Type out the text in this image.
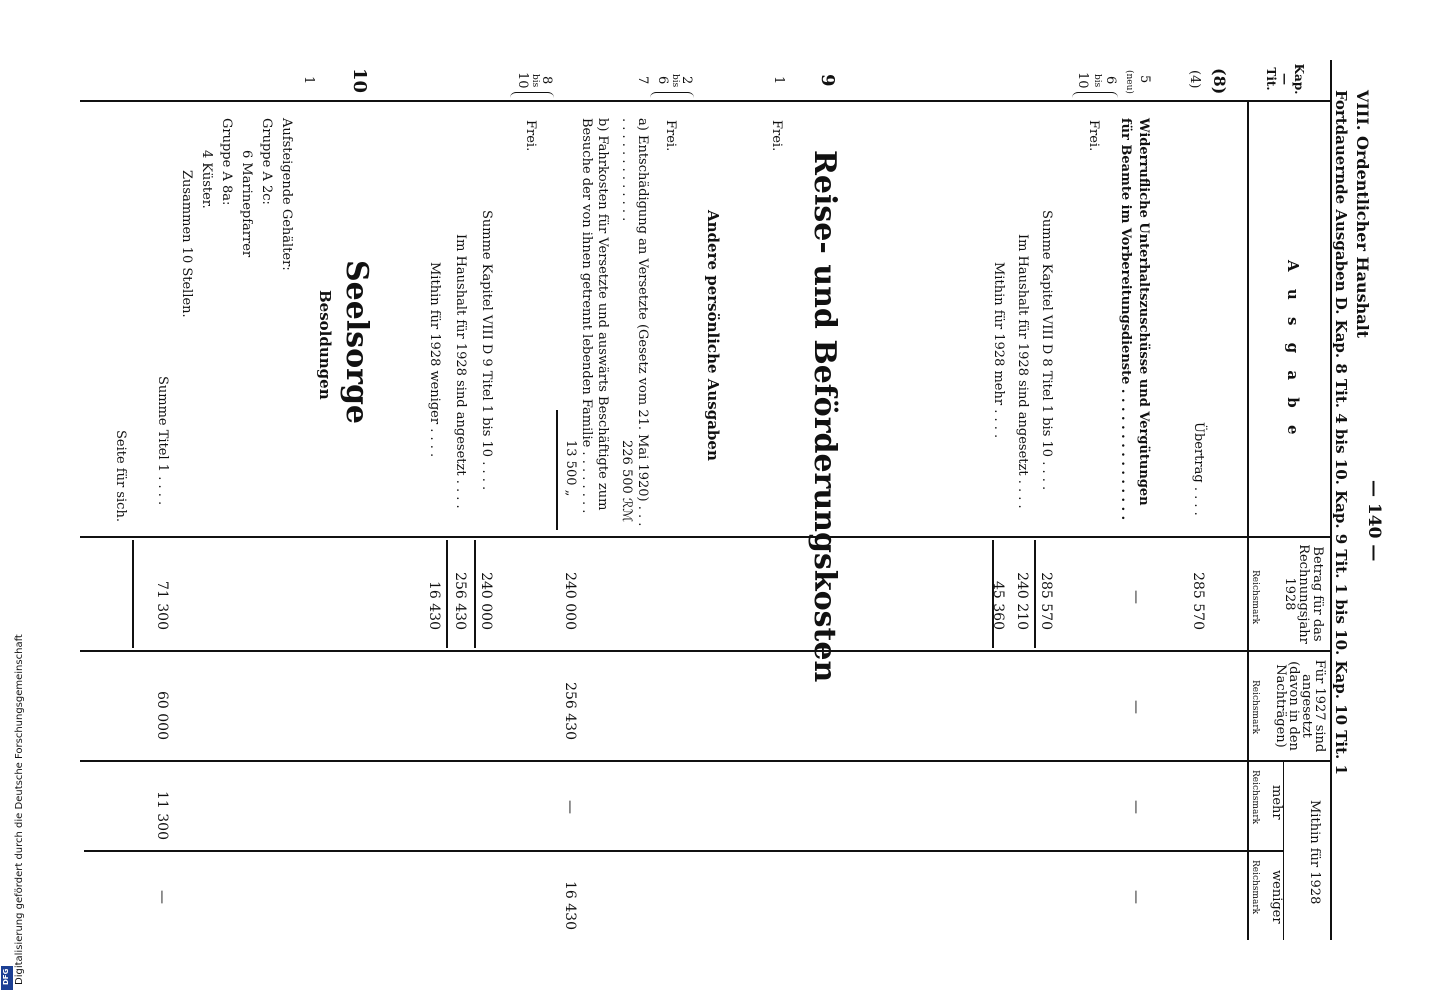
VIII. Ordentlicher Haushalt
— 140 —
Fortdauernde Ausgaben D. Kap. 8 Tit. 4 bis 10. Kap. 9 Tit. 1 bis 10. Kap. 10 Tit. 1
Kap. — Tit.
A u s g a b e
Betrag für das Rechnungsjahr 1928
Reichsmark
Für 1927 sind angesetzt (davon in den Nachträgen)
Reichsmark
Mithin für 1928
mehr
Reichsmark
weniger
Reichsmark
(8)
(4)
Übertrag . . . .
285 570
5
(neu)
Widerrufliche Unterhaltszuschüsse und Vergütungen für Beamte im Vorbereitungsdienste . . . . . . . . . . . . . . .
—
—
—
—
6
bis
10
Frei.
Summe Kapitel VIII D 8 Titel 1 bis 10 . . . .
285 570
Im Haushalt für 1928 sind angesetzt . . . .
240 210
Mithin für 1928 mehr . . . .
45 360
9
Reise- und Beförderungskosten
1
Frei.
Andere persönliche Ausgaben
2
bis
6
Frei.
7
a) Entschädigung an Versetzte (Gesetz vom 21. Mai 1920) . . . . . . . . . . . . . . . .
226 500 ℛℳ
b) Fahrkosten für Versetzte und auswärts Beschäftigte zum Besuche der von ihnen getrennt lebenden Familie . . . . . . . .
13 500 „
240 000
256 430
—
16 430
8
bis
10
Frei.
Summe Kapitel VIII D 9 Titel 1 bis 10 . . . .
240 000
Im Haushalt für 1928 sind angesetzt . . . .
256 430
Mithin für 1928 weniger . . . .
16 430
10
Seelsorge
Besoldungen
1
Aufsteigende Gehälter:
Gruppe A 2c:
6 Marinepfarrer
Gruppe A 8a:
4 Küster.
Zusammen 10 Stellen.
Summe Titel 1 . . . .
71 300
60 000
11 300
—
Seite für sich.
Digitalisierung gefördert durch die Deutsche Forschungsgemeinschaft
DFG
